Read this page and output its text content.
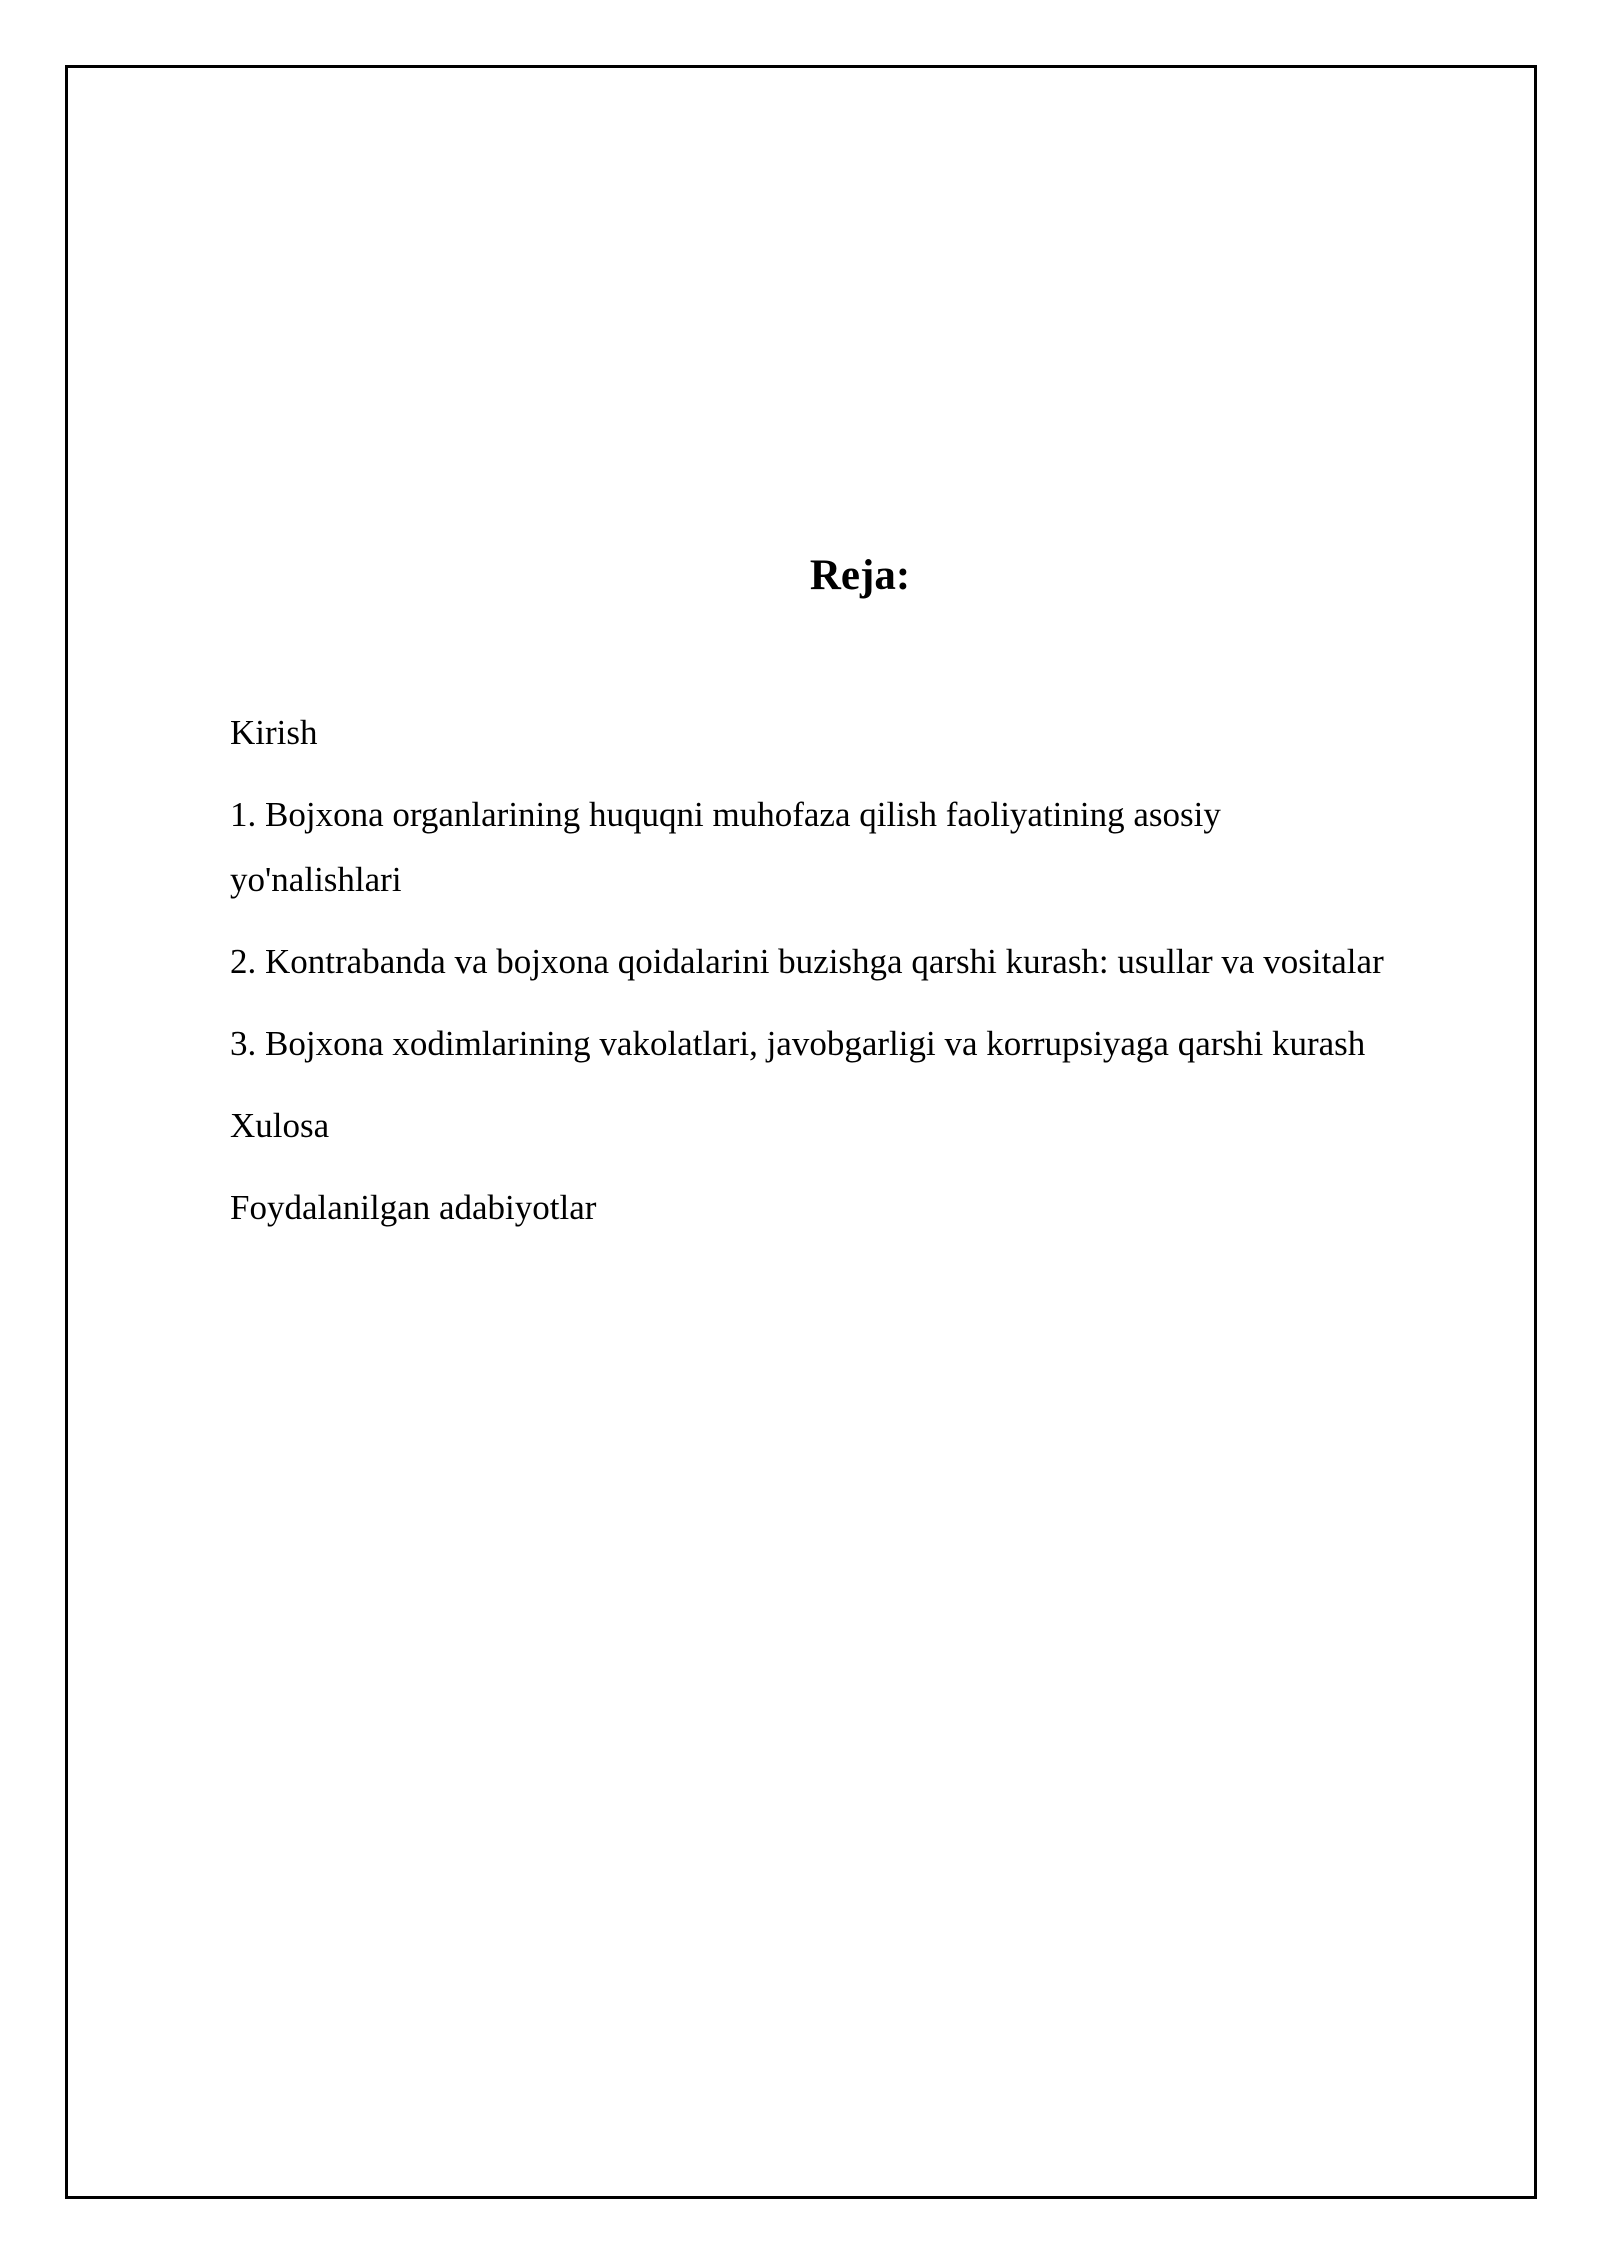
Reja:
Kirish
1. Bojxona organlarining huquqni muhofaza qilish faoliyatining asosiy yo'nalishlari
2. Kontrabanda va bojxona qoidalarini buzishga qarshi kurash: usullar va vositalar
3. Bojxona xodimlarining vakolatlari, javobgarligi va korrupsiyaga qarshi kurash
Xulosa
Foydalanilgan adabiyotlar
